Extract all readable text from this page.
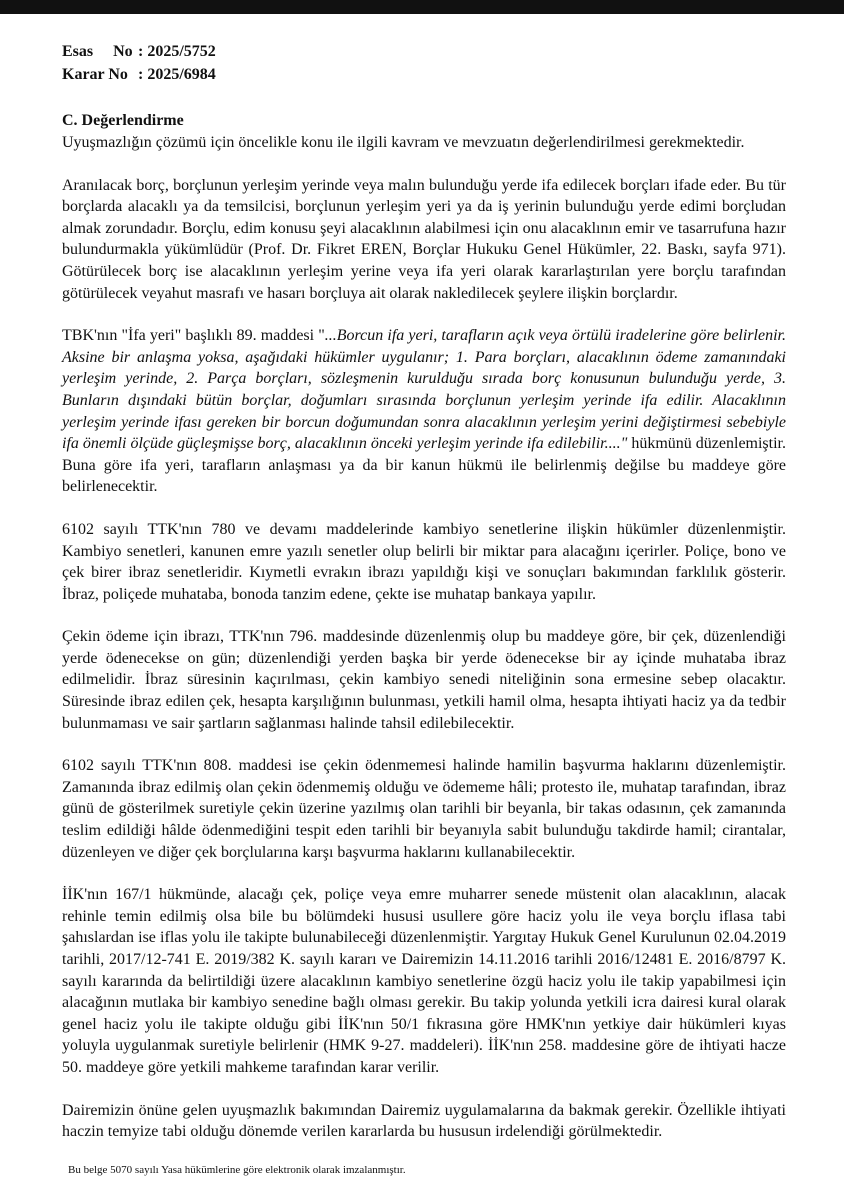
Esas No : 2025/5752
Karar No : 2025/6984
C. Değerlendirme

Uyuşmazlığın çözümü için öncelikle konu ile ilgili kavram ve mevzuatın değerlendirilmesi gerekmektedir.

Aranılacak borç, borçlunun yerleşim yerinde veya malın bulunduğu yerde ifa edilecek borçları ifade eder. Bu tür borçlarda alacaklı ya da temsilcisi, borçlunun yerleşim yeri ya da iş yerinin bulunduğu yerde edimi borçludan almak zorundadır. Borçlu, edim konusu şeyi alacaklının alabilmesi için onu alacaklının emir ve tasarrufuna hazır bulundurmakla yükümlüdür (Prof. Dr. Fikret EREN, Borçlar Hukuku Genel Hükümler, 22. Baskı, sayfa 971). Götürülecek borç ise alacaklının yerleşim yerine veya ifa yeri olarak kararlaştırılan yere borçlu tarafından götürülecek veyahut masrafı ve hasarı borçluya ait olarak nakledilecek şeylere ilişkin borçlardır.

TBK'nın "İfa yeri" başlıklı 89. maddesi "...Borcun ifa yeri, tarafların açık veya örtülü iradelerine göre belirlenir. Aksine bir anlaşma yoksa, aşağıdaki hükümler uygulanır; 1. Para borçları, alacaklının ödeme zamanındaki yerleşim yerinde, 2. Parça borçları, sözleşmenin kurulduğu sırada borç konusunun bulunduğu yerde, 3. Bunların dışındaki bütün borçlar, doğumları sırasında borçlunun yerleşim yerinde ifa edilir. Alacaklının yerleşim yerinde ifası gereken bir borcun doğumundan sonra alacaklının yerleşim yerini değiştirmesi sebebiyle ifa önemli ölçüde güçleşmişse borç, alacaklının önceki yerleşim yerinde ifa edilebilir...." hükmünü düzenlemiştir. Buna göre ifa yeri, tarafların anlaşması ya da bir kanun hükmü ile belirlenmiş değilse bu maddeye göre belirlenecektir.

6102 sayılı TTK'nın 780 ve devamı maddelerinde kambiyo senetlerine ilişkin hükümler düzenlenmiştir. Kambiyo senetleri, kanunen emre yazılı senetler olup belirli bir miktar para alacağını içerirler. Poliçe, bono ve çek birer ibraz senetleridir. Kıymetli evrakın ibrazı yapıldığı kişi ve sonuçları bakımından farklılık gösterir. İbraz, poliçede muhataba, bonoda tanzim edene, çekte ise muhatap bankaya yapılır.

Çekin ödeme için ibrazı, TTK'nın 796. maddesinde düzenlenmiş olup bu maddeye göre, bir çek, düzenlendiği yerde ödenecekse on gün; düzenlendiği yerden başka bir yerde ödenecekse bir ay içinde muhataba ibraz edilmelidir. İbraz süresinin kaçırılması, çekin kambiyo senedi niteliğinin sona ermesine sebep olacaktır. Süresinde ibraz edilen çek, hesapta karşılığının bulunması, yetkili hamil olma, hesapta ihtiyati haciz ya da tedbir bulunmaması ve sair şartların sağlanması halinde tahsil edilebilecektir.

6102 sayılı TTK'nın 808. maddesi ise çekin ödenmemesi halinde hamilin başvurma haklarını düzenlemiştir. Zamanında ibraz edilmiş olan çekin ödenmemiş olduğu ve ödememe hâli; protesto ile, muhatap tarafından, ibraz günü de gösterilmek suretiyle çekin üzerine yazılmış olan tarihli bir beyanla, bir takas odasının, çek zamanında teslim edildiği hâlde ödenmediğini tespit eden tarihli bir beyanıyla sabit bulunduğu takdirde hamil; cirantalar, düzenleyen ve diğer çek borçlularına karşı başvurma haklarını kullanabilecektir.

İİK'nın 167/1 hükmünde, alacağı çek, poliçe veya emre muharrer senede müstenit olan alacaklının, alacak rehinle temin edilmiş olsa bile bu bölümdeki hususi usullere göre haciz yolu ile veya borçlu iflasa tabi şahıslardan ise iflas yolu ile takipte bulunabileceği düzenlenmiştir. Yargıtay Hukuk Genel Kurulunun 02.04.2019 tarihli, 2017/12-741 E. 2019/382 K. sayılı kararı ve Dairemizin 14.11.2016 tarihli 2016/12481 E. 2016/8797 K. sayılı kararında da belirtildiği üzere alacaklının kambiyo senetlerine özgü haciz yolu ile takip yapabilmesi için alacağının mutlaka bir kambiyo senedine bağlı olması gerekir. Bu takip yolunda yetkili icra dairesi kural olarak genel haciz yolu ile takipte olduğu gibi İİK'nın 50/1 fıkrasına göre HMK'nın yetkiye dair hükümleri kıyas yoluyla uygulanmak suretiyle belirlenir (HMK 9-27. maddeleri). İİK'nın 258. maddesine göre de ihtiyati hacze 50. maddeye göre yetkili mahkeme tarafından karar verilir.

Dairemizin önüne gelen uyuşmazlık bakımından Dairemiz uygulamalarına da bakmak gerekir. Özellikle ihtiyati haczin temyize tabi olduğu dönemde verilen kararlarda bu hususun irdelendiği görülmektedir.

Bu belge 5070 sayılı Yasa hükümlerine göre elektronik olarak imzalanmıştır.
